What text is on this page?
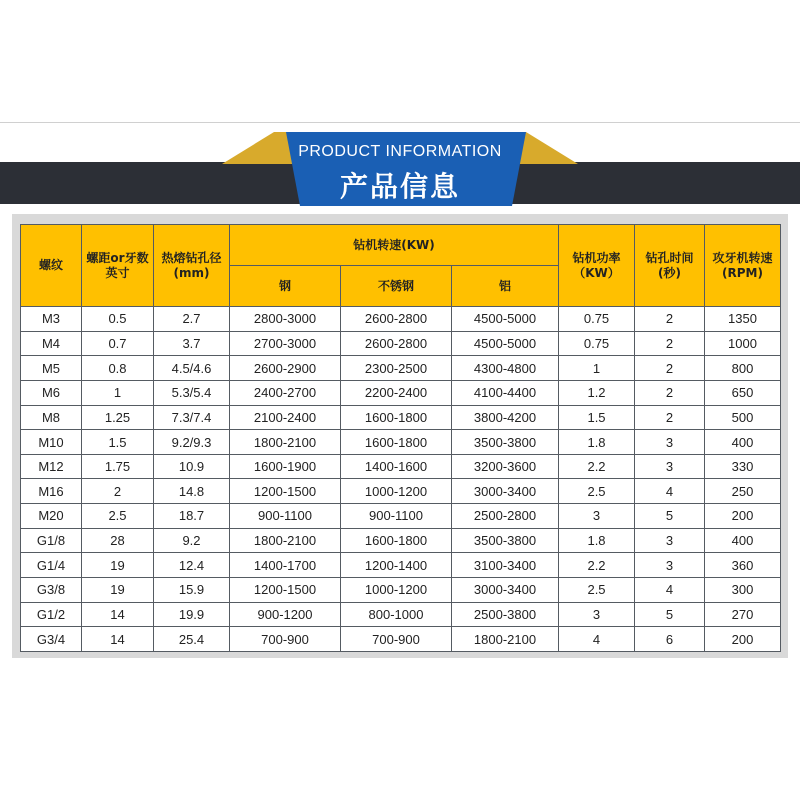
PRODUCT INFORMATION
产品信息
螺纹	螺距or牙数英寸	热熔钻孔径(mm)	钻机转速(KW)			钻机功率（KW）	钻孔时间(秒)	攻牙机转速(RPM)
			钢	不锈钢	铝			
M3	0.5	2.7	2800-3000	2600-2800	4500-5000	0.75	2	1350
M4	0.7	3.7	2700-3000	2600-2800	4500-5000	0.75	2	1000
M5	0.8	4.5/4.6	2600-2900	2300-2500	4300-4800	1	2	800
M6	1	5.3/5.4	2400-2700	2200-2400	4100-4400	1.2	2	650
M8	1.25	7.3/7.4	2100-2400	1600-1800	3800-4200	1.5	2	500
M10	1.5	9.2/9.3	1800-2100	1600-1800	3500-3800	1.8	3	400
M12	1.75	10.9	1600-1900	1400-1600	3200-3600	2.2	3	330
M16	2	14.8	1200-1500	1000-1200	3000-3400	2.5	4	250
M20	2.5	18.7	900-1100	900-1100	2500-2800	3	5	200
G1/8	28	9.2	1800-2100	1600-1800	3500-3800	1.8	3	400
G1/4	19	12.4	1400-1700	1200-1400	3100-3400	2.2	3	360
G3/8	19	15.9	1200-1500	1000-1200	3000-3400	2.5	4	300
G1/2	14	19.9	900-1200	800-1000	2500-3800	3	5	270
G3/4	14	25.4	700-900	700-900	1800-2100	4	6	200
